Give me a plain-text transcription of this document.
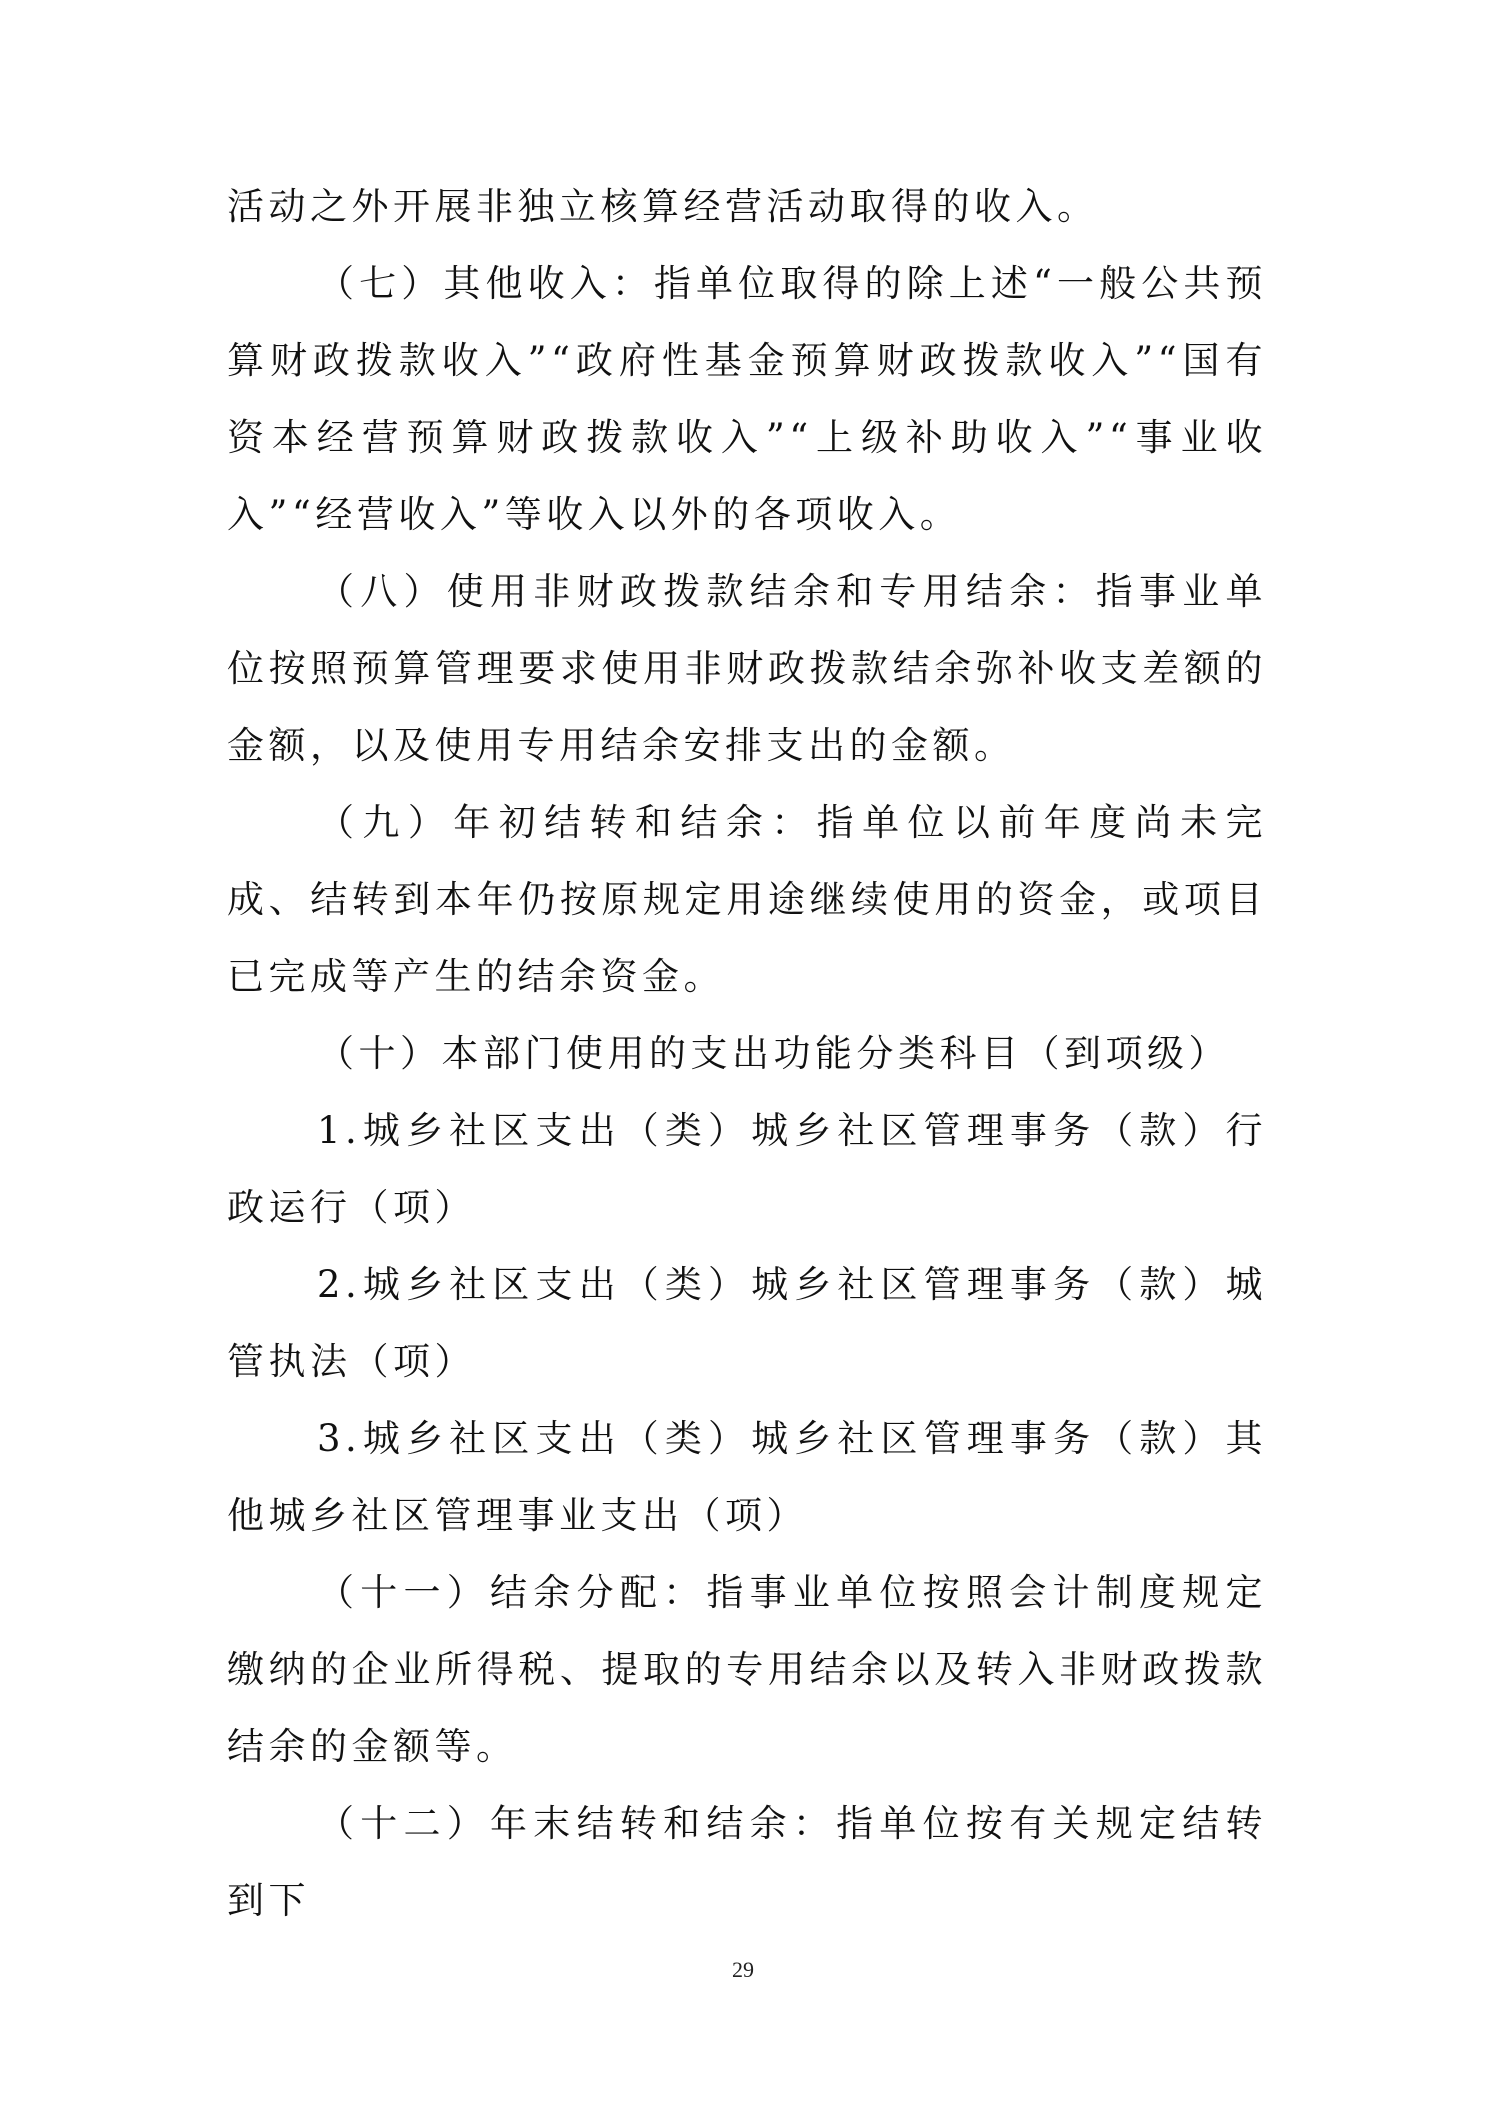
活动之外开展非独立核算经营活动取得的收入。

（七）其他收入：指单位取得的除上述“一般公共预算财政拨款收入”“政府性基金预算财政拨款收入”“国有资本经营预算财政拨款收入”“上级补助收入”“事业收入”“经营收入”等收入以外的各项收入。

（八）使用非财政拨款结余和专用结余：指事业单位按照预算管理要求使用非财政拨款结余弥补收支差额的金额，以及使用专用结余安排支出的金额。

（九）年初结转和结余：指单位以前年度尚未完成、结转到本年仍按原规定用途继续使用的资金，或项目已完成等产生的结余资金。

（十）本部门使用的支出功能分类科目（到项级）

1.城乡社区支出（类）城乡社区管理事务（款）行政运行（项）

2.城乡社区支出（类）城乡社区管理事务（款）城管执法（项）

3.城乡社区支出（类）城乡社区管理事务（款）其他城乡社区管理事业支出（项）

（十一）结余分配：指事业单位按照会计制度规定缴纳的企业所得税、提取的专用结余以及转入非财政拨款结余的金额等。

（十二）年末结转和结余：指单位按有关规定结转到下

29
